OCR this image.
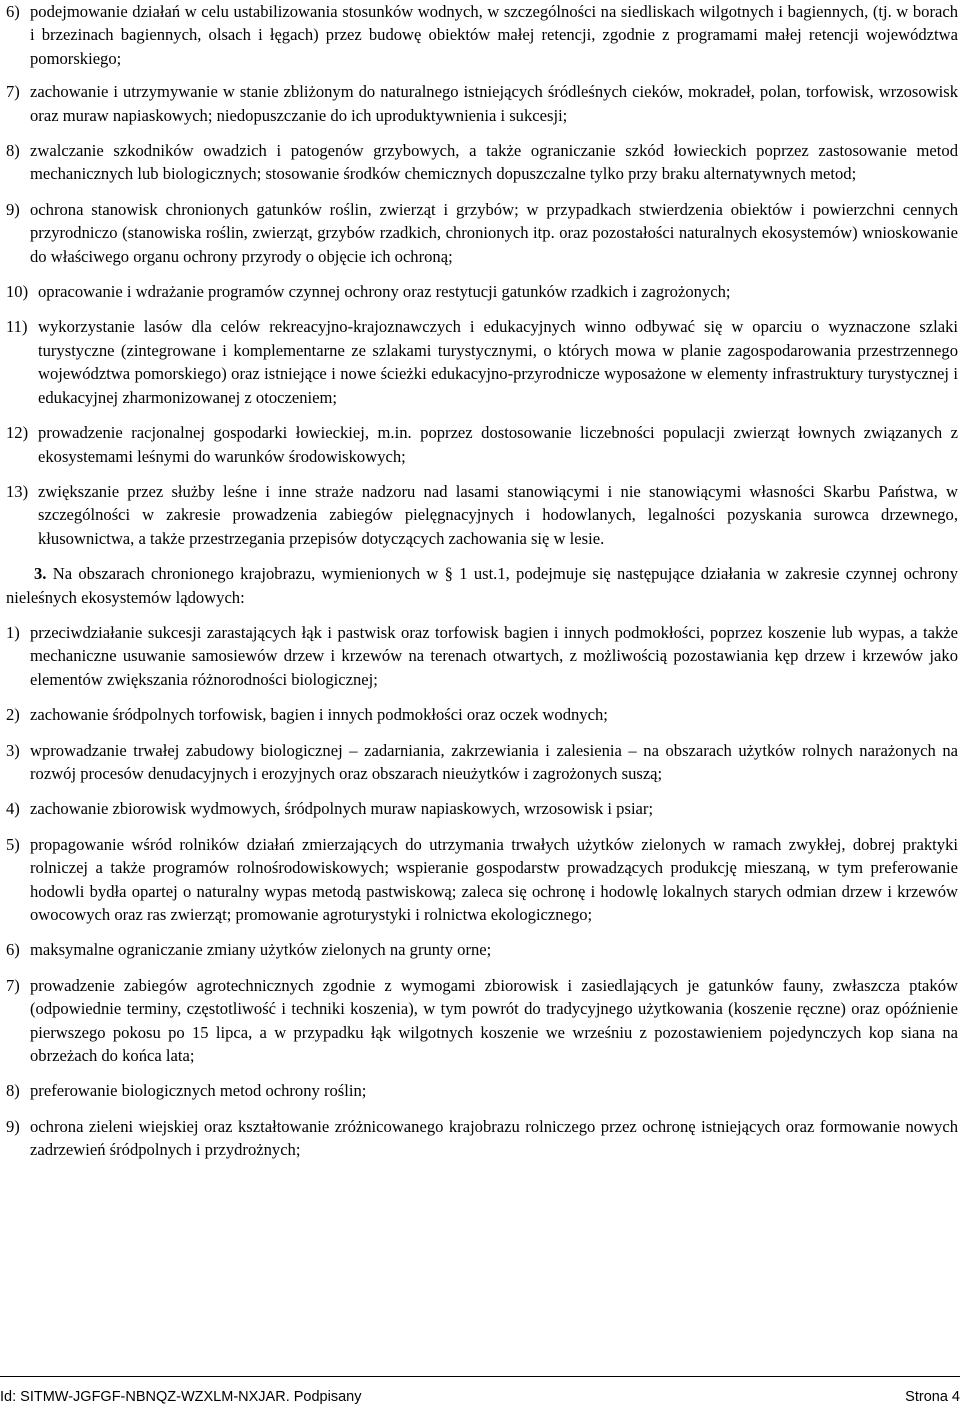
6) podejmowanie działań w celu ustabilizowania stosunków wodnych, w szczególności na siedliskach wilgotnych i bagiennych, (tj. w borach i brzezinach bagiennych, olsach i łęgach) przez budowę obiektów małej retencji, zgodnie z programami małej retencji województwa pomorskiego;
7) zachowanie i utrzymywanie w stanie zbliżonym do naturalnego istniejących śródleśnych cieków, mokradeł, polan, torfowisk, wrzosowisk oraz muraw napiaskowych; niedopuszczanie do ich uproduktywnienia i sukcesji;
8) zwalczanie szkodników owadzich i patogenów grzybowych, a także ograniczanie szkód łowieckich poprzez zastosowanie metod mechanicznych lub biologicznych; stosowanie środków chemicznych dopuszczalne tylko przy braku alternatywnych metod;
9) ochrona stanowisk chronionych gatunków roślin, zwierząt i grzybów; w przypadkach stwierdzenia obiektów i powierzchni cennych przyrodniczo (stanowiska roślin, zwierząt, grzybów rzadkich, chronionych itp. oraz pozostałości naturalnych ekosystemów) wnioskowanie do właściwego organu ochrony przyrody o objęcie ich ochroną;
10) opracowanie i wdrażanie programów czynnej ochrony oraz restytucji gatunków rzadkich i zagrożonych;
11) wykorzystanie lasów dla celów rekreacyjno-krajoznawczych i edukacyjnych winno odbywać się w oparciu o wyznaczone szlaki turystyczne (zintegrowane i komplementarne ze szlakami turystycznymi, o których mowa w planie zagospodarowania przestrzennego województwa pomorskiego) oraz istniejące i nowe ścieżki edukacyjno-przyrodnicze wyposażone w elementy infrastruktury turystycznej i edukacyjnej zharmonizowanej z otoczeniem;
12) prowadzenie racjonalnej gospodarki łowieckiej, m.in. poprzez dostosowanie liczebności populacji zwierząt łownych związanych z ekosystemami leśnymi do warunków środowiskowych;
13) zwiększanie przez służby leśne i inne straże nadzoru nad lasami stanowiącymi i nie stanowiącymi własności Skarbu Państwa, w szczególności w zakresie prowadzenia zabiegów pielęgnacyjnych i hodowlanych, legalności pozyskania surowca drzewnego, kłusownictwa, a także przestrzegania przepisów dotyczących zachowania się w lesie.

3. Na obszarach chronionego krajobrazu, wymienionych w § 1 ust.1, podejmuje się następujące działania w zakresie czynnej ochrony nieleśnych ekosystemów lądowych:

1) przeciwdziałanie sukcesji zarastających łąk i pastwisk oraz torfowisk bagien i innych podmokłości, poprzez koszenie lub wypas, a także mechaniczne usuwanie samosiewów drzew i krzewów na terenach otwartych, z możliwością pozostawiania kęp drzew i krzewów jako elementów zwiększania różnorodności biologicznej;
2) zachowanie śródpolnych torfowisk, bagien i innych podmokłości oraz oczek wodnych;
3) wprowadzanie trwałej zabudowy biologicznej – zadarniania, zakrzewiania i zalesienia – na obszarach użytków rolnych narażonych na rozwój procesów denudacyjnych i erozyjnych oraz obszarach nieużytków i zagrożonych suszą;
4) zachowanie zbiorowisk wydmowych, śródpolnych muraw napiaskowych, wrzosowisk i psiar;
5) propagowanie wśród rolników działań zmierzających do utrzymania trwałych użytków zielonych w ramach zwykłej, dobrej praktyki rolniczej a także programów rolnośrodowiskowych; wspieranie gospodarstw prowadzących produkcję mieszaną, w tym preferowanie hodowli bydła opartej o naturalny wypas metodą pastwiskową; zaleca się ochronę i hodowlę lokalnych starych odmian drzew i krzewów owocowych oraz ras zwierząt; promowanie agroturystyki i rolnictwa ekologicznego;
6) maksymalne ograniczanie zmiany użytków zielonych na grunty orne;
7) prowadzenie zabiegów agrotechnicznych zgodnie z wymogami zbiorowisk i zasiedlających je gatunków fauny, zwłaszcza ptaków (odpowiednie terminy, częstotliwość i techniki koszenia), w tym powrót do tradycyjnego użytkowania (koszenie ręczne) oraz opóźnienie pierwszego pokosu po 15 lipca, a w przypadku łąk wilgotnych koszenie we wrześniu z pozostawieniem pojedynczych kop siana na obrzeżach do końca lata;
8) preferowanie biologicznych metod ochrony roślin;
9) ochrona zieleni wiejskiej oraz kształtowanie zróżnicowanego krajobrazu rolniczego przez ochronę istniejących oraz formowanie nowych zadrzewień śródpolnych i przydrożnych;
Id: SITMW-JGFGF-NBNQZ-WZXLM-NXJAR. Podpisany	Strona 4
